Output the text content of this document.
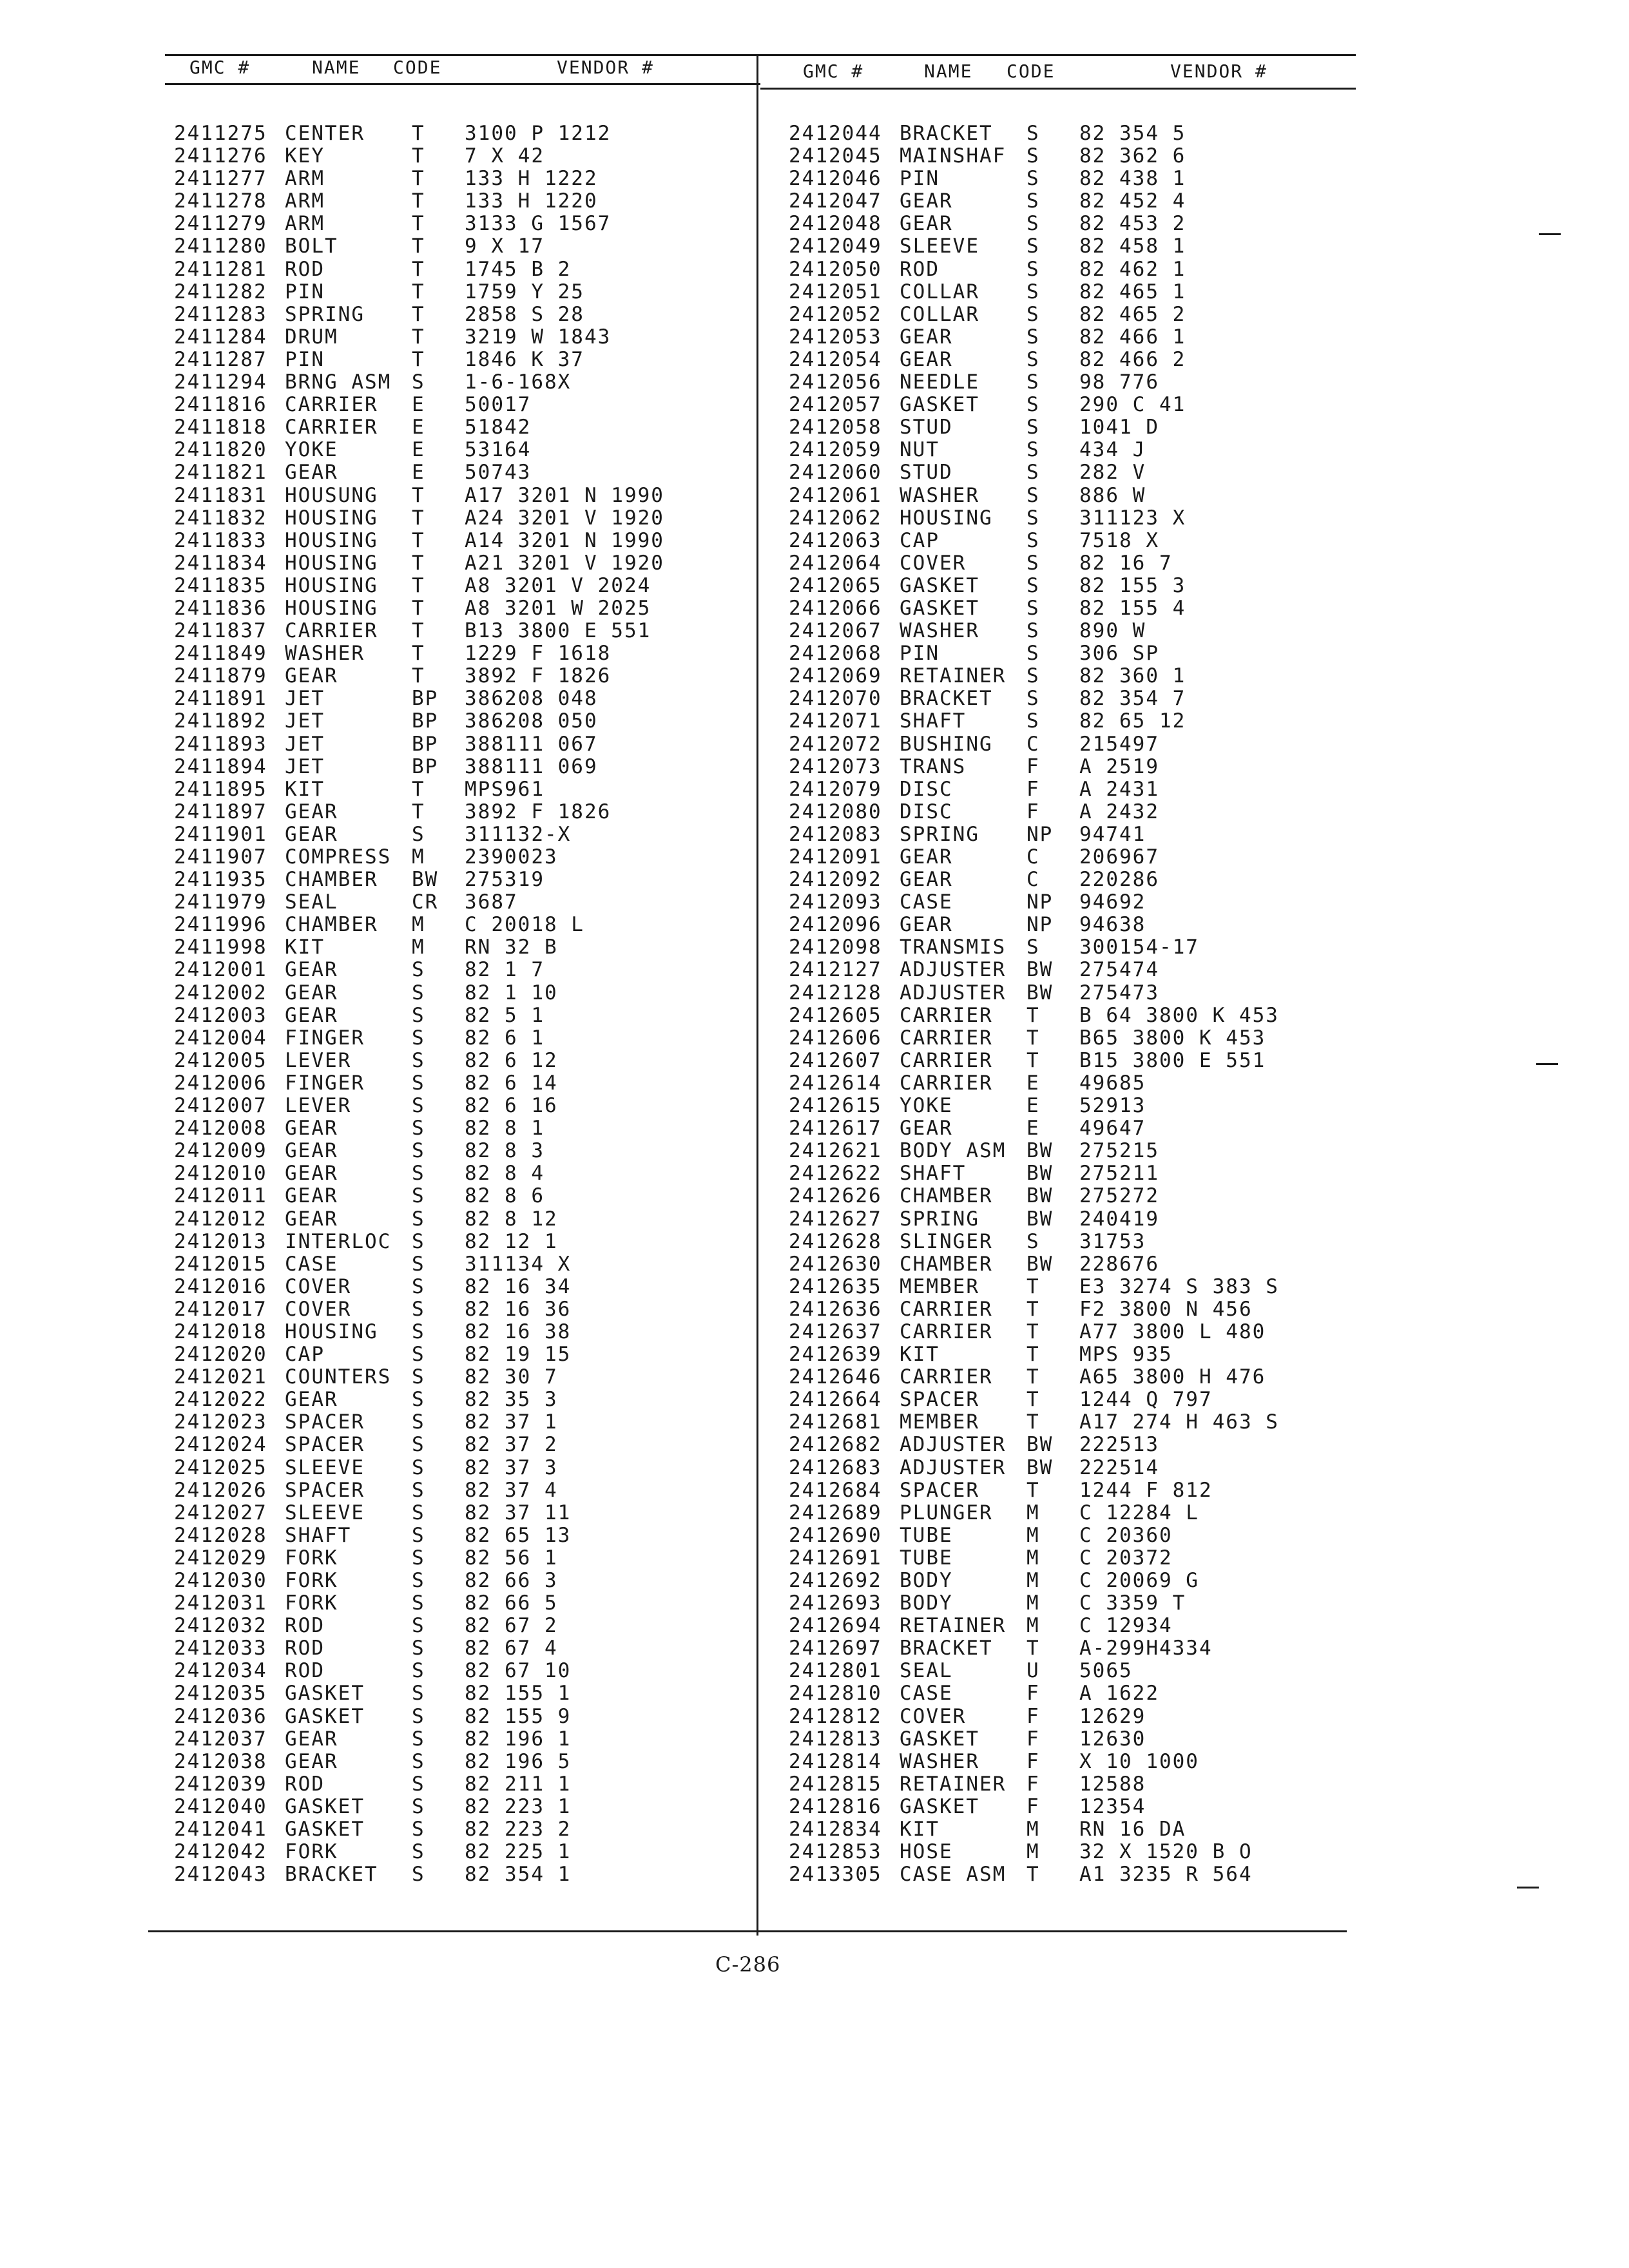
GMC #	NAME CODE	VENDOR #	GMC #	NAME CODE	VENDOR #
2411275 CENTER	T	3100 P 1212
2411276 KEY	T	7 X 42
2411277 ARM	T	133 H 1222
2411278 ARM	T	133 H 1220
2411279 ARM	T	3133 G 1567
2411280 BOLT	T	9 X 17
2411281 ROD	T	1745 B 2
2411282 PIN	T	1759 Y 25
2411283 SPRING	T	2858 S 28
2411284 DRUM	T	3219 W 1843
2411287 PIN	T	1846 K 37
2411294 BRNG ASM	S	1-6-168X
2411816 CARRIER	E	50017
2411818 CARRIER	E	51842
2411820 YOKE	E	53164
2411821 GEAR	E	50743
2411831 HOUSUNG	T	A17 3201 N 1990
2411832 HOUSING	T	A24 3201 V 1920
2411833 HOUSING	T	A14 3201 N 1990
2411834 HOUSING	T	A21 3201 V 1920
2411835 HOUSING	T	A8 3201 V 2024
2411836 HOUSING	T	A8 3201 W 2025
2411837 CARRIER	T	B13 3800 E 551
2411849 WASHER	T	1229 F 1618
2411879 GEAR	T	3892 F 1826
2411891 JET	BP	386208 048
2411892 JET	BP	386208 050
2411893 JET	BP	388111 067
2411894 JET	BP	388111 069
2411895 KIT	T	MPS961
2411897 GEAR	T	3892 F 1826
2411901 GEAR	S	311132-X
2411907 COMPRESS	M	2390023
2411935 CHAMBER	BW	275319
2411979 SEAL	CR	3687
2411996 CHAMBER	M	C 20018 L
2411998 KIT	M	RN 32 B
2412001 GEAR	S	82 1 7
2412002 GEAR	S	82 1 10
2412003 GEAR	S	82 5 1
2412004 FINGER	S	82 6 1
2412005 LEVER	S	82 6 12
2412006 FINGER	S	82 6 14
2412007 LEVER	S	82 6 16
2412008 GEAR	S	82 8 1
2412009 GEAR	S	82 8 3
2412010 GEAR	S	82 8 4
2412011 GEAR	S	82 8 6
2412012 GEAR	S	82 8 12
2412013 INTERLOC	S	82 12 1
2412015 CASE	S	311134 X
2412016 COVER	S	82 16 34
2412017 COVER	S	82 16 36
2412018 HOUSING	S	82 16 38
2412020 CAP	S	82 19 15
2412021 COUNTERS	S	82 30 7
2412022 GEAR	S	82 35 3
2412023 SPACER	S	82 37 1
2412024 SPACER	S	82 37 2
2412025 SLEEVE	S	82 37 3
2412026 SPACER	S	82 37 4
2412027 SLEEVE	S	82 37 11
2412028 SHAFT	S	82 65 13
2412029 FORK	S	82 56 1
2412030 FORK	S	82 66 3
2412031 FORK	S	82 66 5
2412032 ROD	S	82 67 2
2412033 ROD	S	82 67 4
2412034 ROD	S	82 67 10
2412035 GASKET	S	82 155 1
2412036 GASKET	S	82 155 9
2412037 GEAR	S	82 196 1
2412038 GEAR	S	82 196 5
2412039 ROD	S	82 211 1
2412040 GASKET	S	82 223 1
2412041 GASKET	S	82 223 2
2412042 FORK	S	82 225 1
2412043 BRACKET	S	82 354 1
2412044 BRACKET	S	82 354 5
2412045 MAINSHAF	S	82 362 6
2412046 PIN	S	82 438 1
2412047 GEAR	S	82 452 4
2412048 GEAR	S	82 453 2
2412049 SLEEVE	S	82 458 1
2412050 ROD	S	82 462 1
2412051 COLLAR	S	82 465 1
2412052 COLLAR	S	82 465 2
2412053 GEAR	S	82 466 1
2412054 GEAR	S	82 466 2
2412056 NEEDLE	S	98 776
2412057 GASKET	S	290 C 41
2412058 STUD	S	1041 D
2412059 NUT	S	434 J
2412060 STUD	S	282 V
2412061 WASHER	S	886 W
2412062 HOUSING	S	311123 X
2412063 CAP	S	7518 X
2412064 COVER	S	82 16 7
2412065 GASKET	S	82 155 3
2412066 GASKET	S	82 155 4
2412067 WASHER	S	890 W
2412068 PIN	S	306 SP
2412069 RETAINER	S	82 360 1
2412070 BRACKET	S	82 354 7
2412071 SHAFT	S	82 65 12
2412072 BUSHING	C	215497
2412073 TRANS	F	A 2519
2412079 DISC	F	A 2431
2412080 DISC	F	A 2432
2412083 SPRING	NP	94741
2412091 GEAR	C	206967
2412092 GEAR	C	220286
2412093 CASE	NP	94692
2412096 GEAR	NP	94638
2412098 TRANSMIS	S	300154-17
2412127 ADJUSTER	BW	275474
2412128 ADJUSTER	BW	275473
2412605 CARRIER	T	B 64 3800 K 453
2412606 CARRIER	T	B65 3800 K 453
2412607 CARRIER	T	B15 3800 E 551
2412614 CARRIER	E	49685
2412615 YOKE	E	52913
2412617 GEAR	E	49647
2412621 BODY ASM	BW	275215
2412622 SHAFT	BW	275211
2412626 CHAMBER	BW	275272
2412627 SPRING	BW	240419
2412628 SLINGER	S	31753
2412630 CHAMBER	BW	228676
2412635 MEMBER	T	E3 3274 S 383 S
2412636 CARRIER	T	F2 3800 N 456
2412637 CARRIER	T	A77 3800 L 480
2412639 KIT	T	MPS 935
2412646 CARRIER	T	A65 3800 H 476
2412664 SPACER	T	1244 Q 797
2412681 MEMBER	T	A17 274 H 463 S
2412682 ADJUSTER	BW	222513
2412683 ADJUSTER	BW	222514
2412684 SPACER	T	1244 F 812
2412689 PLUNGER	M	C 12284 L
2412690 TUBE	M	C 20360
2412691 TUBE	M	C 20372
2412692 BODY	M	C 20069 G
2412693 BODY	M	C 3359 T
2412694 RETAINER	M	C 12934
2412697 BRACKET	T	A-299H4334
2412801 SEAL	U	5065
2412810 CASE	F	A 1622
2412812 COVER	F	12629
2412813 GASKET	F	12630
2412814 WASHER	F	X 10 1000
2412815 RETAINER	F	12588
2412816 GASKET	F	12354
2412834 KIT	M	RN 16 DA
2412853 HOSE	M	32 X 1520 B O
2413305 CASE ASM	T	A1 3235 R 564
C-286
